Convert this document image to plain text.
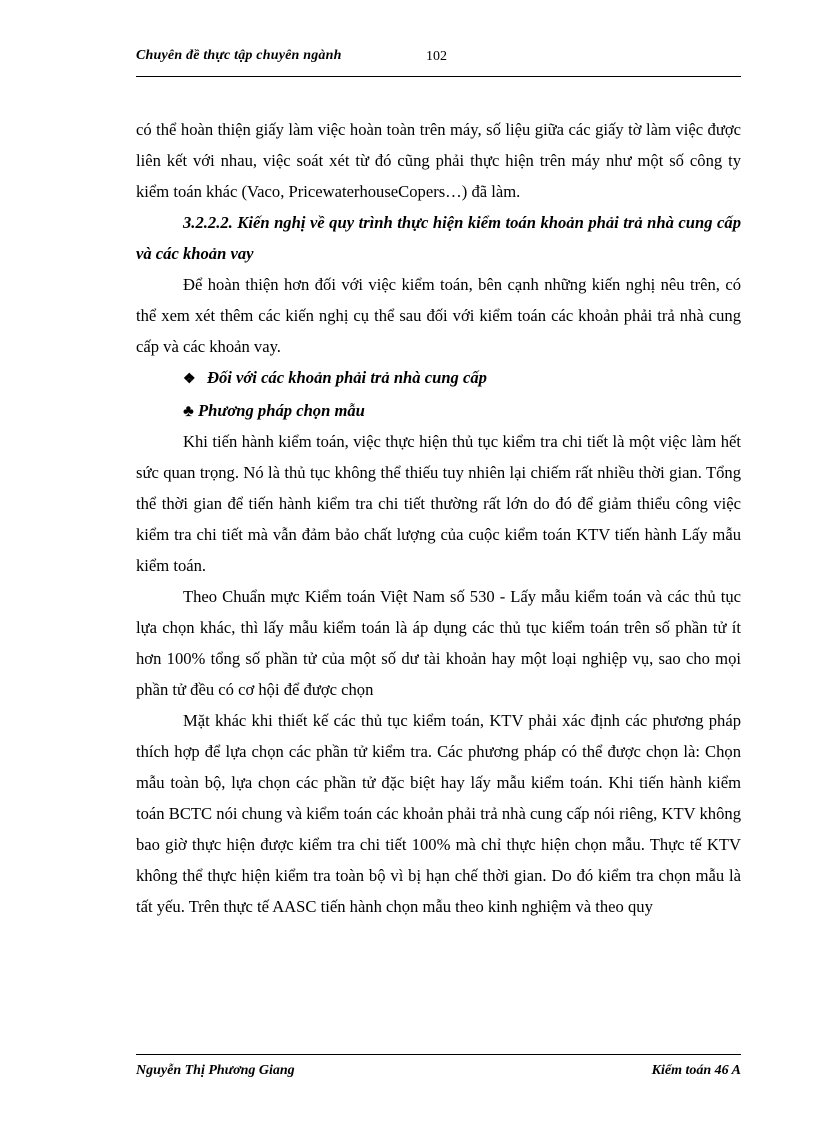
Chuyên đề thực tập chuyên ngành	102

có thể hoàn thiện giấy làm việc hoàn toàn trên máy, số liệu giữa các giấy tờ làm việc được liên kết với nhau, việc soát xét từ đó cũng phải thực hiện trên máy như một số công ty kiểm toán khác (Vaco, PricewaterhouseCopers…) đã làm.

3.2.2.2. Kiến nghị về quy trình thực hiện kiểm toán khoản phải trả nhà cung cấp và các khoản vay

Để hoàn thiện hơn đối với việc kiểm toán, bên cạnh những kiến nghị nêu trên, có thể xem xét thêm các kiến nghị cụ thể sau đối với kiểm toán các khoản phải trả nhà cung cấp và các khoản vay.

❖ Đối với các khoản phải trả nhà cung cấp

♣ Phương pháp chọn mẫu

Khi tiến hành kiểm toán, việc thực hiện thủ tục kiểm tra chi tiết là một việc làm hết sức quan trọng. Nó là thủ tục không thể thiếu tuy nhiên lại chiếm rất nhiều thời gian. Tổng thể thời gian để tiến hành kiểm tra chi tiết thường rất lớn do đó để giảm thiểu công việc kiểm tra chi tiết mà vẫn đảm bảo chất lượng của cuộc kiểm toán KTV tiến hành Lấy mẫu kiểm toán.

Theo Chuẩn mực Kiểm toán Việt Nam số 530 - Lấy mẫu kiểm toán và các thủ tục lựa chọn khác, thì lấy mẫu kiểm toán là áp dụng các thủ tục kiểm toán trên số phần tử ít hơn 100% tổng số phần tử của một số dư tài khoản hay một loại nghiệp vụ, sao cho mọi phần tử đều có cơ hội để được chọn

Mặt khác khi thiết kế các thủ tục kiểm toán, KTV phải xác định các phương pháp thích hợp để lựa chọn các phần tử kiểm tra. Các phương pháp có thể được chọn là: Chọn mẫu toàn bộ, lựa chọn các phần tử đặc biệt hay lấy mẫu kiểm toán. Khi tiến hành kiểm toán BCTC nói chung và kiểm toán các khoản phải trả nhà cung cấp nói riêng, KTV không bao giờ thực hiện được kiểm tra chi tiết 100% mà chỉ thực hiện chọn mẫu. Thực tế KTV không thể thực hiện kiểm tra toàn bộ vì bị hạn chế thời gian. Do đó kiểm tra chọn mẫu là tất yếu. Trên thực tế AASC tiến hành chọn mẫu theo kinh nghiệm và theo quy

Nguyễn Thị Phương Giang	Kiểm toán 46 A
